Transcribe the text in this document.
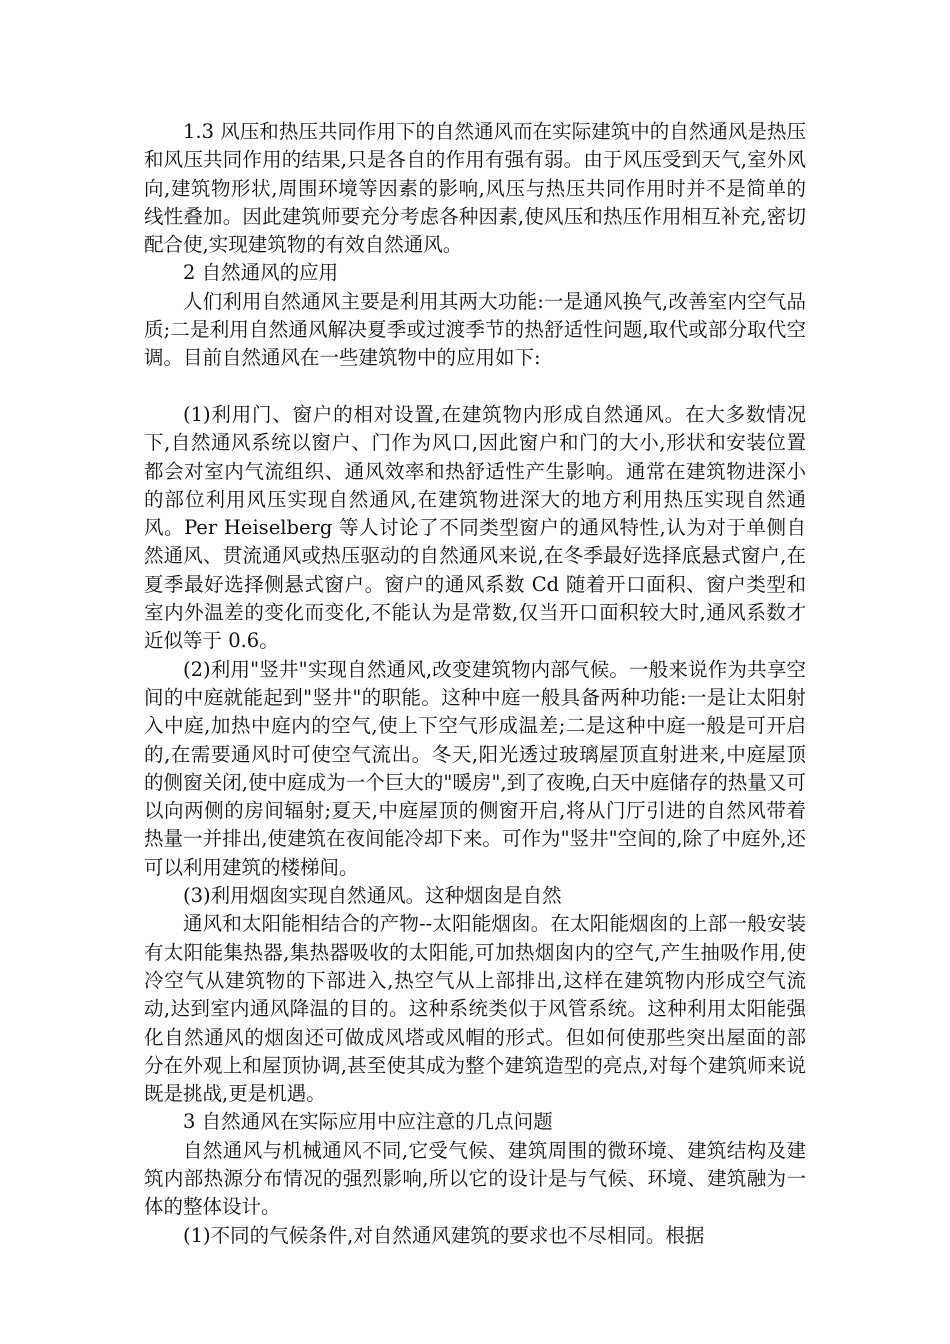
1.3 风压和热压共同作用下的自然通风而在实际建筑中的自然通风是热压和风压共同作用的结果,只是各自的作用有强有弱。由于风压受到天气,室外风向,建筑物形状,周围环境等因素的影响,风压与热压共同作用时并不是简单的线性叠加。因此建筑师要充分考虑各种因素,使风压和热压作用相互补充,密切配合使,实现建筑物的有效自然通风。

2 自然通风的应用

人们利用自然通风主要是利用其两大功能:一是通风换气,改善室内空气品质;二是利用自然通风解决夏季或过渡季节的热舒适性问题,取代或部分取代空调。目前自然通风在一些建筑物中的应用如下:

(1)利用门、窗户的相对设置,在建筑物内形成自然通风。在大多数情况下,自然通风系统以窗户、门作为风口,因此窗户和门的大小,形状和安装位置都会对室内气流组织、通风效率和热舒适性产生影响。通常在建筑物进深小的部位利用风压实现自然通风,在建筑物进深大的地方利用热压实现自然通风。Per Heiselberg 等人讨论了不同类型窗户的通风特性,认为对于单侧自然通风、贯流通风或热压驱动的自然通风来说,在冬季最好选择底悬式窗户,在夏季最好选择侧悬式窗户。窗户的通风系数 Cd 随着开口面积、窗户类型和室内外温差的变化而变化,不能认为是常数,仅当开口面积较大时,通风系数才近似等于 0.6。

(2)利用"竖井"实现自然通风,改变建筑物内部气候。一般来说作为共享空间的中庭就能起到"竖井"的职能。这种中庭一般具备两种功能:一是让太阳射入中庭,加热中庭内的空气,使上下空气形成温差;二是这种中庭一般是可开启的,在需要通风时可使空气流出。冬天,阳光透过玻璃屋顶直射进来,中庭屋顶的侧窗关闭,使中庭成为一个巨大的"暖房",到了夜晚,白天中庭储存的热量又可以向两侧的房间辐射;夏天,中庭屋顶的侧窗开启,将从门厅引进的自然风带着热量一并排出,使建筑在夜间能冷却下来。可作为"竖井"空间的,除了中庭外,还可以利用建筑的楼梯间。

(3)利用烟囱实现自然通风。这种烟囱是自然

通风和太阳能相结合的产物--太阳能烟囱。在太阳能烟囱的上部一般安装有太阳能集热器,集热器吸收的太阳能,可加热烟囱内的空气,产生抽吸作用,使冷空气从建筑物的下部进入,热空气从上部排出,这样在建筑物内形成空气流动,达到室内通风降温的目的。这种系统类似于风管系统。这种利用太阳能强化自然通风的烟囱还可做成风塔或风帽的形式。但如何使那些突出屋面的部分在外观上和屋顶协调,甚至使其成为整个建筑造型的亮点,对每个建筑师来说既是挑战,更是机遇。

3 自然通风在实际应用中应注意的几点问题

自然通风与机械通风不同,它受气候、建筑周围的微环境、建筑结构及建筑内部热源分布情况的强烈影响,所以它的设计是与气候、环境、建筑融为一体的整体设计。

(1)不同的气候条件,对自然通风建筑的要求也不尽相同。根据
